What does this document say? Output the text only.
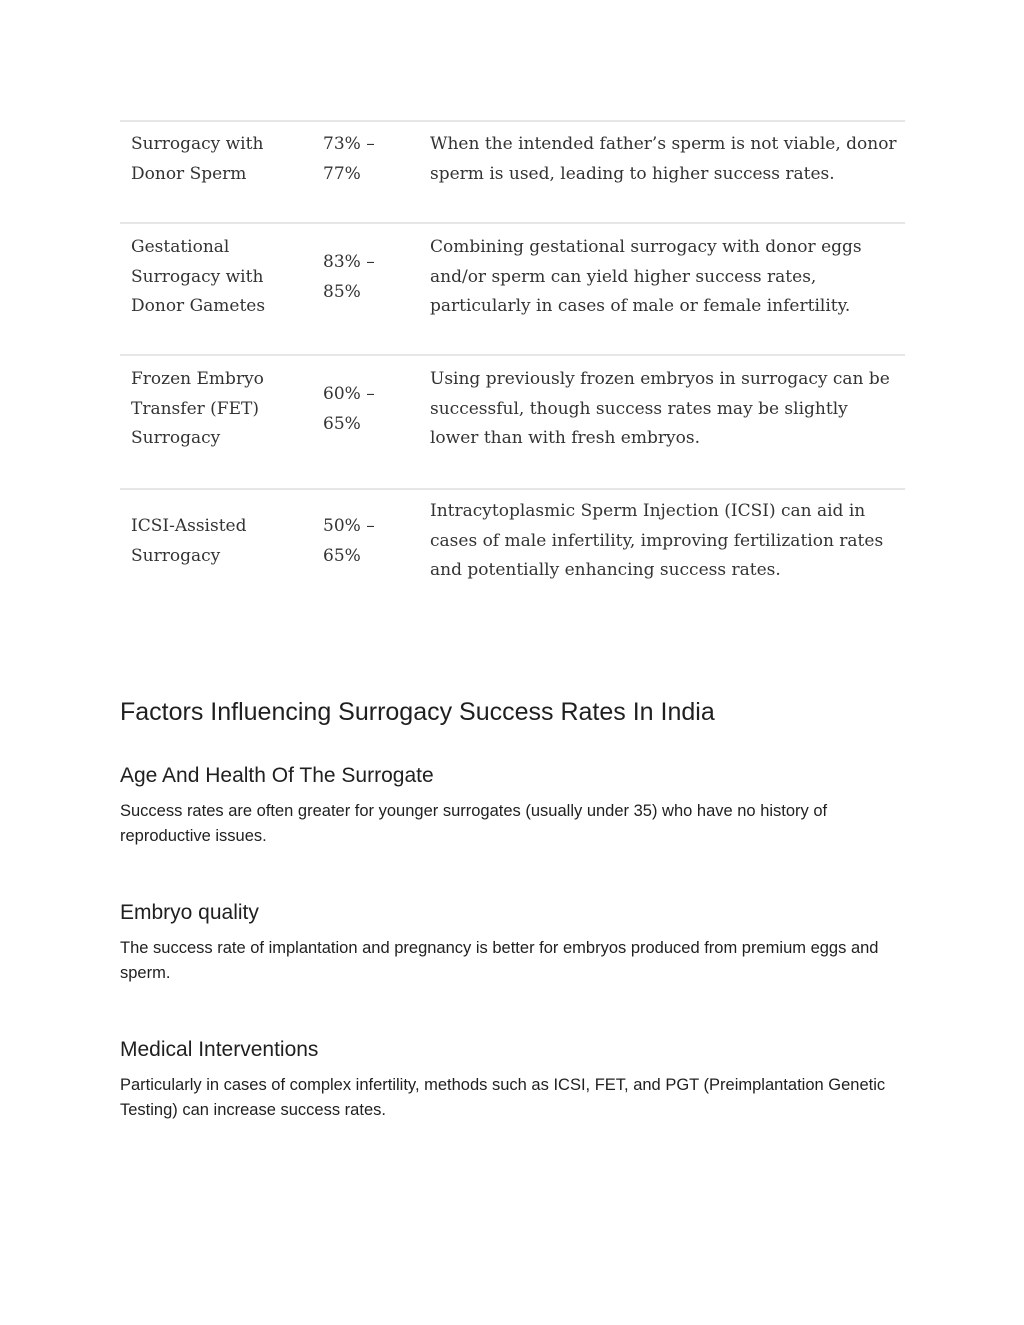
Surrogacy with Donor Sperm
73% – 77%
When the intended father’s sperm is not viable, donor sperm is used, leading to higher success rates.
Gestational Surrogacy with Donor Gametes
83% – 85%
Combining gestational surrogacy with donor eggs and/or sperm can yield higher success rates, particularly in cases of male or female infertility.
Frozen Embryo Transfer (FET) Surrogacy
60% – 65%
Using previously frozen embryos in surrogacy can be successful, though success rates may be slightly lower than with fresh embryos.
ICSI-Assisted Surrogacy
50% – 65%
Intracytoplasmic Sperm Injection (ICSI) can aid in cases of male infertility, improving fertilization rates and potentially enhancing success rates.
Factors Influencing Surrogacy Success Rates In India
Age And Health Of The Surrogate

Success rates are often greater for younger surrogates (usually under 35) who have no history of reproductive issues.

Embryo quality

The success rate of implantation and pregnancy is better for embryos produced from premium eggs and sperm.

Medical Interventions

Particularly in cases of complex infertility, methods such as ICSI, FET, and PGT (Preimplantation Genetic Testing) can increase success rates.
